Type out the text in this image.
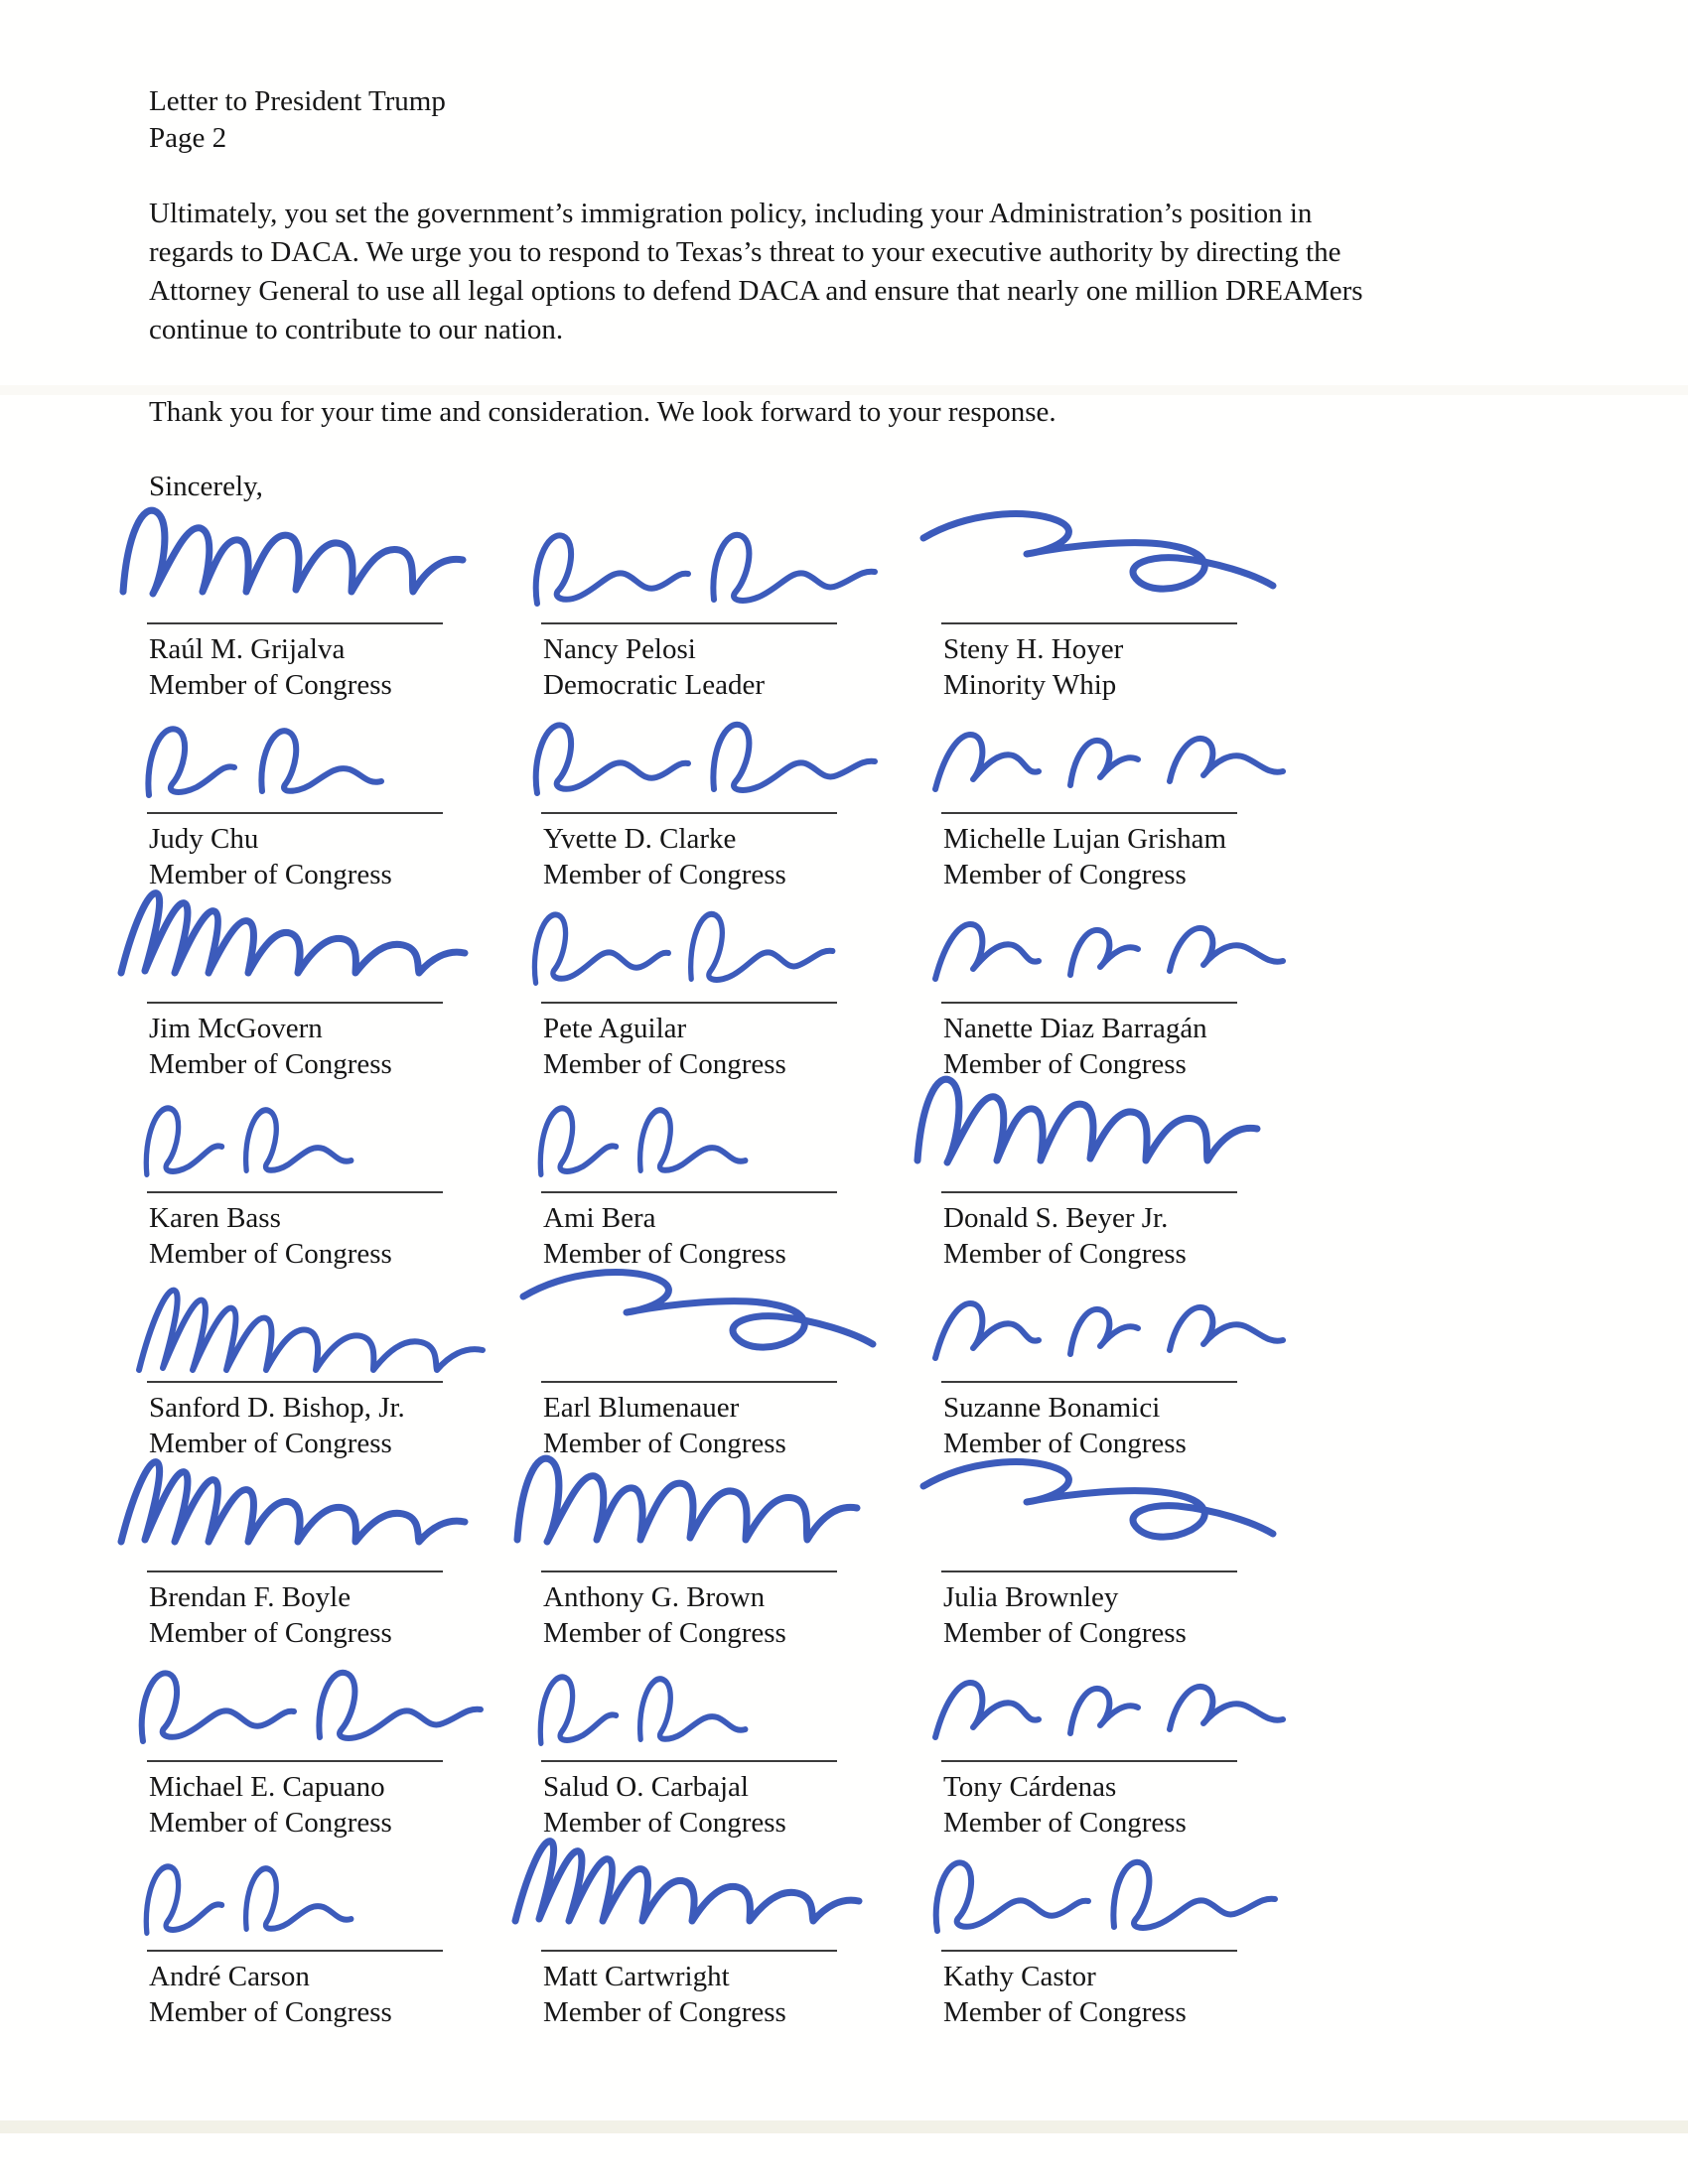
Letter to President Trump
Page 2
Ultimately, you set the government’s immigration policy, including your Administration’s position in
regards to DACA. We urge you to respond to Texas’s threat to your executive authority by directing the
Attorney General to use all legal options to defend DACA and ensure that nearly one million DREAMers
continue to contribute to our nation.
Thank you for your time and consideration. We look forward to your response.
Sincerely,
Raúl M. Grijalva
Member of Congress
Nancy Pelosi
Democratic Leader
Steny H. Hoyer
Minority Whip
Judy Chu
Member of Congress
Yvette D. Clarke
Member of Congress
Michelle Lujan Grisham
Member of Congress
Jim McGovern
Member of Congress
Pete Aguilar
Member of Congress
Nanette Diaz Barragán
Member of Congress
Karen Bass
Member of Congress
Ami Bera
Member of Congress
Donald S. Beyer Jr.
Member of Congress
Sanford D. Bishop, Jr.
Member of Congress
Earl Blumenauer
Member of Congress
Suzanne Bonamici
Member of Congress
Brendan F. Boyle
Member of Congress
Anthony G. Brown
Member of Congress
Julia Brownley
Member of Congress
Michael E. Capuano
Member of Congress
Salud O. Carbajal
Member of Congress
Tony Cárdenas
Member of Congress
André Carson
Member of Congress
Matt Cartwright
Member of Congress
Kathy Castor
Member of Congress
